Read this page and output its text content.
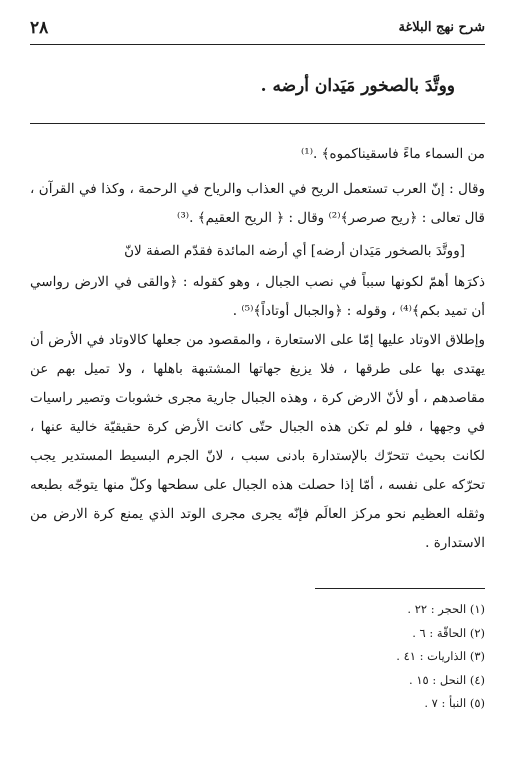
٢٨	شرح نهج البلاغة
ووتَّدَ بالصخور مَيَدان أرضه .

من السماء ماءً فاسقيناكموه﴾ .⁽¹⁾

وقال : إنّ العرب تستعمل الريح في العذاب والرياح في الرحمة ، وكذا في القرآن ، قال تعالى : ﴿ريح صرصر﴾⁽²⁾ وقال : ﴿ الريح العقيم﴾ .⁽³⁾

[ووتَّدَ بالصخور مَيَدان أرضه] أي أرضه المائدة فقدّم الصفة لانّ

ذكرَها أهمّ لكونها سبباً في نصب الجبال ، وهو كقوله : ﴿والقى في الارض رواسي أن تميد بكم﴾⁽⁴⁾ ، وقوله : ﴿والجبال أوتاداً﴾⁽⁵⁾ .

وإطلاق الاوتاد عليها إمّا على الاستعارة ، والمقصود من جعلها كالاوتاد في الأرض أن يهتدى بها على طرقها ، فلا يزيغ جهاتها المشتبهة باهلها ، ولا تميل بهم عن مقاصدهم ، أو لأنّ الارض كرة ، وهذه الجبال جارية مجرى خشوبات وتصير راسيات في وجهها ، فلو لم تكن هذه الجبال حتّى كانت الأرض كرة حقيقيّة خالية عنها ، لكانت بحيث تتحرّك بالإستدارة بادنى سبب ، لانّ الجرم البسيط المستدير يجب تحرّكه على نفسه ، أمّا إذا حصلت هذه الجبال على سطحها وكلّ منها يتوجّه بطبعه وثقله العظيم نحو مركز العالَم فإنّه يجرى مجرى الوتد الذي يمنع كرة الارض من الاستدارة .

(١) الحجر : ٢٢ .

(٢) الحاقّة : ٦ .

(٣) الذاريات : ٤١ .

(٤) النحل : ١٥ .

(٥) النبأ : ٧ .
